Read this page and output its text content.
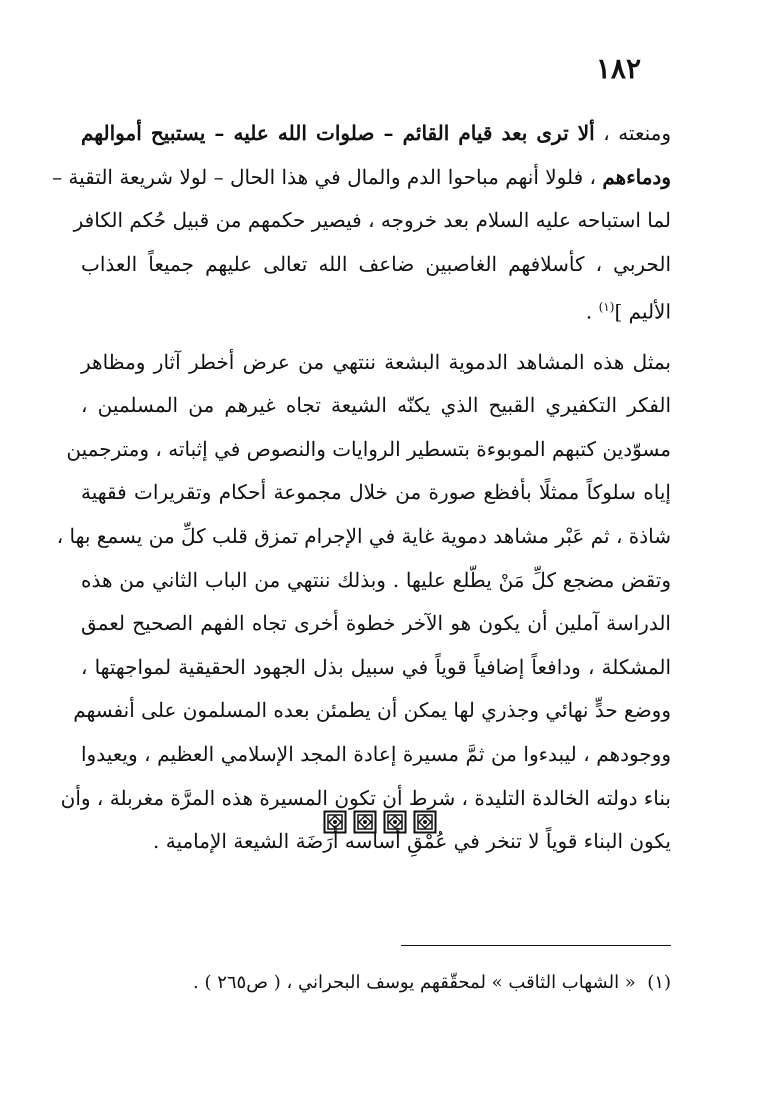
١٨٢
ومنعته ، ألا ترى بعد قيام القائم – صلوات الله عليه – يستبيح أموالهم
ودماءهم ، فلولا أنهم مباحوا الدم والمال في هذا الحال – لولا شريعة التقية –
لما استباحه عليه السلام بعد خروجه ، فيصير حكمهم من قبيل حُكم الكافر
الحربي ، كأسلافهم الغاصبين ضاعف الله تعالى عليهم جميعاً العذاب
الأليم ]$^{(١)}$ .
بمثل هذه المشاهد الدموية البشعة ننتهي من عرض أخطر آثار ومظاهر
الفكر التكفيري القبيح الذي يكنّه الشيعة تجاه غيرهم من المسلمين ،
مسوّدين كتبهم الموبوءة بتسطير الروايات والنصوص في إثباته ، ومترجمين
إياه سلوكاً ممثلًا بأفظع صورة من خلال مجموعة أحكام وتقريرات فقهية
شاذة ، ثم عَبْر مشاهد دموية غاية في الإجرام تمزق قلب كلِّ من يسمع بها ،
وتقض مضجع كلِّ مَنْ يطّلع عليها . وبذلك ننتهي من الباب الثاني من هذه
الدراسة آملين أن يكون هو الآخر خطوة أخرى تجاه الفهم الصحيح لعمق
المشكلة ، ودافعاً إضافياً قوياً في سبيل بذل الجهود الحقيقية لمواجهتها ،
ووضع حدٍّ نهائي وجذري لها يمكن أن يطمئن بعده المسلمون على أنفسهم
ووجودهم ، ليبدءوا من ثمَّ مسيرة إعادة المجد الإسلامي العظيم ، ويعيدوا
بناء دولته الخالدة التليدة ، شرط أن تكون المسيرة هذه المرَّة مغربلة ، وأن
يكون البناء قوياً لا تنخر في عُمْقِ أساسه أَرَضَة الشيعة الإمامية .
(١)  « الشهاب الثاقب » لمحقّقهم يوسف البحراني ، ( ص٢٦٥ ) .
